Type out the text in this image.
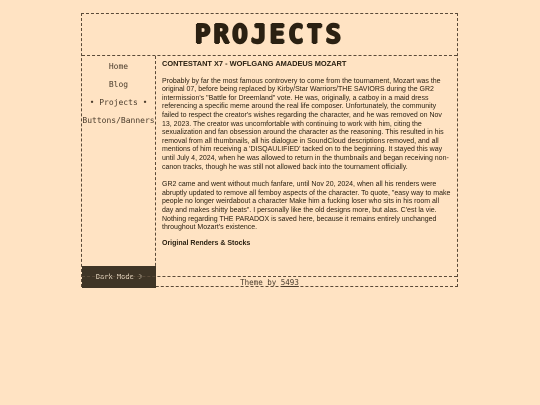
PROJECTS
Home
Blog
• Projects •
Buttons/Banners
Dark Mode ☽
CONTESTANT X7 - WOFLGANG AMADEUS MOZART

Probably by far the most famous controvery to come from the tournament, Mozart was the original 07, before being replaced by Kirby/Star Warriors/THE SAVIORS during the GR2 intermission's "Battle for Dreemland" vote. He was, originally, a catboy in a maid dress referencing a specific meme around the real life composer. Unfortunately, the community failed to respect the creator's wishes regarding the character, and he was removed on Nov 13, 2023. The creator was uncomfortable with continuing to work with him, citing the sexualization and fan obsession around the character as the reasoning. This resulted in his removal from all thumbnails, all his dialogue in SoundCloud descriptions removed, and all mentions of him receiving a 'DISQAULIFIED' tacked on to the beginning. It stayed this way until July 4, 2024, when he was allowed to return in the thumbnails and began receiving non-canon tracks, though he was still not allowed back into the tournament officially.

GR2 came and went without much fanfare, until Nov 20, 2024, when all his renders were abruptly updated to remove all femboy aspects of the character. To quote, "easy way to make people no longer weirdabout a character Make him a fucking loser who sits in his room all day and makes shitty beats". I personally like the old designs more, but alas. C'est la vie.

Nothing regarding THE PARADOX is saved here, because it remains entirely unchanged throughout Mozart's existence.

Original Renders & Stocks
Theme by 5493
